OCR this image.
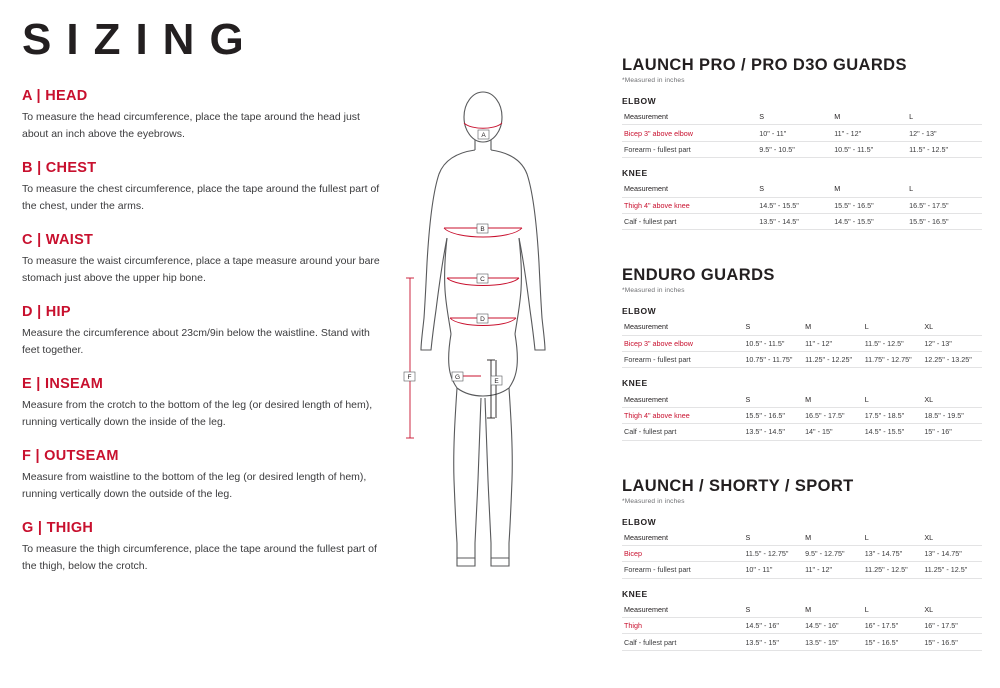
SIZING
A | HEAD
To measure the head circumference, place the tape around the head just about an inch above the eyebrows.
B | CHEST
To measure the chest circumference, place the tape around the fullest part of the chest, under the arms.
C | WAIST
To measure the waist circumference, place a tape measure around your bare stomach just above the upper hip bone.
D | HIP
Measure the circumference about 23cm/9in below the waistline. Stand with feet together.
E | INSEAM
Measure from the crotch to the bottom of the leg (or desired length of hem), running vertically down the inside of the leg.
F | OUTSEAM
Measure from waistline to the bottom of the leg (or desired length of hem), running vertically down the outside of the leg.
G | THIGH
To measure the thigh circumference, place the tape around the fullest part of the thigh, below the crotch.
A
B
C
D
E
F	G
LAUNCH PRO / PRO D3O GUARDS
*Measured in inches
ELBOW
Measurement	S	M	L
Bicep 3" above elbow	10" - 11"	11" - 12"	12" - 13"
Forearm - fullest part	9.5" - 10.5"	10.5" - 11.5"	11.5" - 12.5"
KNEE
Measurement	S	M	L
Thigh 4" above knee	14.5" - 15.5"	15.5" - 16.5"	16.5" - 17.5"
Calf - fullest part	13.5" - 14.5"	14.5" - 15.5"	15.5" - 16.5"
ENDURO GUARDS
*Measured in inches
ELBOW
Measurement	S	M	L	XL
Bicep 3" above elbow	10.5" - 11.5"	11" - 12"	11.5" - 12.5"	12" - 13"
Forearm - fullest part	10.75" - 11.75"	11.25" - 12.25"	11.75" - 12.75"	12.25" - 13.25"
KNEE
Measurement	S	M	L	XL
Thigh 4" above knee	15.5" - 16.5"	16.5" - 17.5"	17.5" - 18.5"	18.5" - 19.5"
Calf - fullest part	13.5" - 14.5"	14" - 15"	14.5" - 15.5"	15" - 16"
LAUNCH / SHORTY / SPORT
*Measured in inches
ELBOW
Measurement	S	M	L	XL
Bicep	11.5" - 12.75"	9.5" - 12.75"	13" - 14.75"	13" - 14.75"
Forearm - fullest part	10" - 11"	11" - 12"	11.25" - 12.5"	11.25" - 12.5"
KNEE
Measurement	S	M	L	XL
Thigh	14.5" - 16"	14.5" - 16"	16" - 17.5"	16" - 17.5"
Calf - fullest part	13.5" - 15"	13.5" - 15"	15" - 16.5"	15" - 16.5"
